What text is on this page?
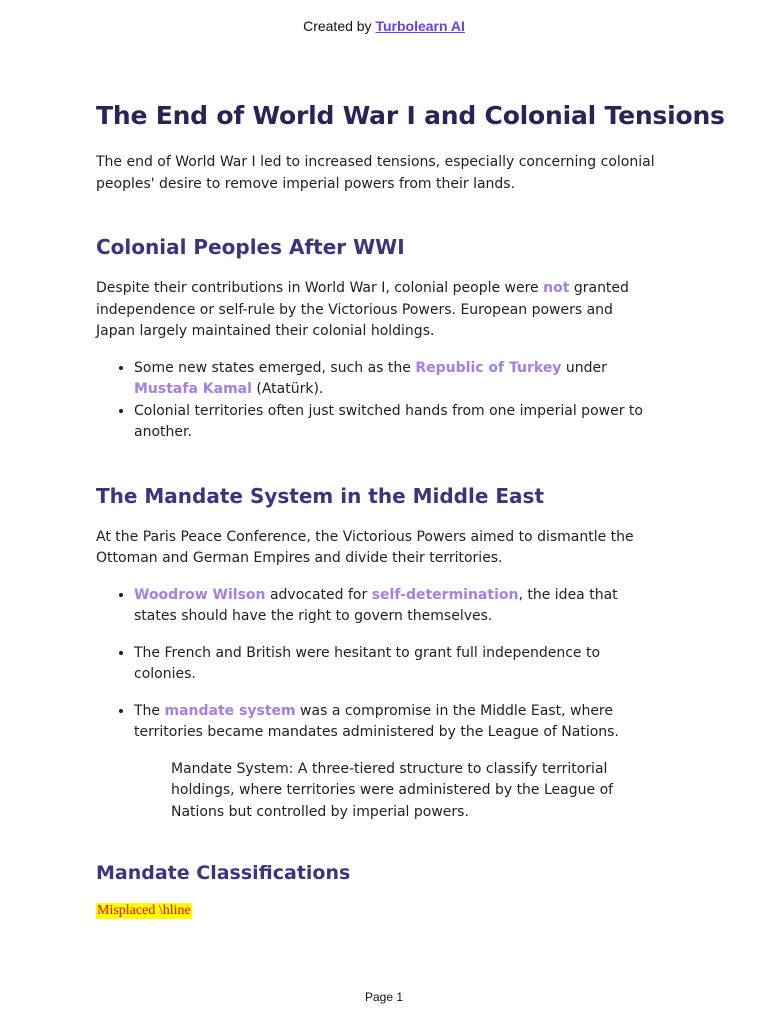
Created by Turbolearn AI
The End of World War I and Colonial Tensions

The end of World War I led to increased tensions, especially concerning colonial peoples' desire to remove imperial powers from their lands.

Colonial Peoples After WWI

Despite their contributions in World War I, colonial people were not granted independence or self-rule by the Victorious Powers. European powers and Japan largely maintained their colonial holdings.

• Some new states emerged, such as the Republic of Turkey under Mustafa Kamal (Atatürk).
• Colonial territories often just switched hands from one imperial power to another.
The Mandate System in the Middle East

At the Paris Peace Conference, the Victorious Powers aimed to dismantle the Ottoman and German Empires and divide their territories.

• Woodrow Wilson advocated for self-determination, the idea that states should have the right to govern themselves.
• The French and British were hesitant to grant full independence to colonies.
• The mandate system was a compromise in the Middle East, where territories became mandates administered by the League of Nations.

Mandate System: A three-tiered structure to classify territorial holdings, where territories were administered by the League of Nations but controlled by imperial powers.

Mandate Classifications
Misplaced \hline
Page 1
